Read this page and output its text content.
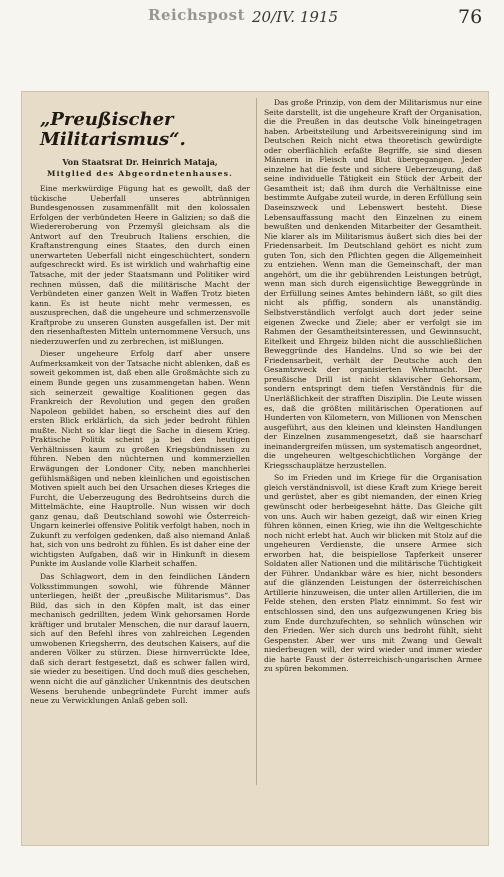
Reichspost 20/IV. 1915	76
„Preußischer Militarismus“.
Von Staatsrat Dr. Heinrich Mataja,
Mitglied des Abgeordnetenhauses.

Eine merkwürdige Fügung hat es gewollt, daß der tückische Ueberfall unseres abtrünnigen Bundesgenossen zusammenfällt mit den kolossalen Erfolgen der verbündeten Heere in Galizien; so daß die Wiedereroberung von Przemyšl gleichsam als die Antwort auf den Treubruch Italiens erschien, die Kraftanstrengung eines Staates, den durch einen unerwarteten Ueberfall nicht eingeschüchtert, sondern aufgeschreckt wird. Es ist wirklich und wahrhaftig eine Tatsache, mit der jeder Staatsmann und Politiker wird rechnen müssen, daß die militärische Macht der Verbündeten einer ganzen Welt in Waffen Trotz bieten kann. Es ist heute nicht mehr vermessen, es auszusprechen, daß die ungeheure und schmerzensvolle Kraftprobe zu unseren Gunsten ausgefallen ist. Der mit den riesenhaftesten Mitteln unternommene Versuch, uns niederzuwerfen und zu zerbrechen, ist mißlungen.

Dieser ungeheure Erfolg darf aber unsere Aufmerksamkeit von der Tatsache nicht ablenken, daß es soweit gekommen ist, daß eben alle Großmächte sich zu einem Bunde gegen uns zusammengetan haben. Wenn sich seinerzeit gewaltige Koalitionen gegen das Frankreich der Revolution und gegen den großen Napoleon gebildet haben, so erscheint dies auf den ersten Blick erklärlich, da sich jeder bedroht fühlen mußte. Nicht so klar liegt die Sache in diesem Krieg. Praktische Politik scheint ja bei den heutigen Verhältnissen kaum zu großen Kriegsbündnissen zu führen. Neben den nüchternen und kommerziellen Erwägungen der Londoner City, neben manchherlei gefühlsmäßigen und neben kleinlichen und egoistischen Motiven spielt auch bei den Ursachen dieses Krieges die Furcht, die Ueberzeugung des Bedrohtseins durch die Mittelmächte, eine Hauptrolle. Nun wissen wir doch ganz genau, daß Deutschland sowohl wie Österreich-Ungarn keinerlei offensive Politik verfolgt haben, noch in Zukunft zu verfolgen gedenken, daß also niemand Anlaß hat, sich von uns bedroht zu fühlen. Es ist daher eine der wichtigsten Aufgaben, daß wir in Hinkunft in diesem Punkte im Auslande volle Klarheit schaffen.

Das Schlagwort, dem in den feindlichen Ländern Volksstimmungen sowohl, wie führende Männer unterliegen, heißt der „preußische Militarismus“. Das Bild, das sich in den Köpfen malt, ist das einer mechanisch gedrillten, jedem Wink gehorsamen Horde kräftiger und brutaler Menschen, die nur darauf lauern, sich auf den Befehl ihres von zahlreichen Legenden umwobenen Kriegsherrn, des deutschen Kaisers, auf die anderen Völker zu stürzen. Diese hirnverrückte Idee, daß sich derart festgesetzt, daß es schwer fallen wird, sie wieder zu beseitigen. Und doch muß dies geschehen, wenn nicht die auf gänzlicher Unkenntnis des deutschen Wesens beruhende unbegründete Furcht immer aufs neue zu Verwicklungen Anlaß geben soll.

Das große Prinzip, von dem der Militarismus nur eine Seite darstellt, ist die ungeheure Kraft der Organisation, die die Preußen in das deutsche Volk hineingetragen haben. Arbeitsteilung und Arbeitsvereinigung sind im Deutschen Reich nicht etwa theoretisch gewürdigte oder oberflächlich erfaßte Begriffe, sie sind diesen Männern in Fleisch und Blut übergegangen. Jeder einzelne hat die feste und sichere Ueberzeugung, daß seine individuelle Tätigkeit ein Stück der Arbeit der Gesamtheit ist; daß ihm durch die Verhältnisse eine bestimmte Aufgabe zuteil wurde, in deren Erfüllung sein Daseinszweck und Lebenswert besteht. Diese Lebensauffassung macht den Einzelnen zu einem bewußten und denkenden Mitarbeiter der Gesamtheit. Nie klarer als im Militarismus äußert sich dies bei der Friedensarbeit. Im Deutschland gehört es nicht zum guten Ton, sich den Pflichten gegen die Allgemeinheit zu entziehen. Wenn man die Gemeinschaft, der man angehört, um die ihr gebührenden Leistungen betrügt, wenn man sich durch eigensüchtige Beweggründe in der Erfüllung seines Amtes behindern läßt, so gilt dies nicht als pfiffig, sondern als unanständig. Selbstverständlich verfolgt auch dort jeder seine eigenen Zwecke und Ziele; aber er verfolgt sie im Rahmen der Gesamtheitsinteressen, und Gewinnsucht, Eitelkeit und Ehrgeiz bilden nicht die ausschließlichen Beweggründe des Handelns. Und so wie bei der Friedensarbeit, verhält der Deutsche auch den Gesamtzweck der organisierten Wehrmacht. Der preußische Drill ist nicht sklavischer Gehorsam, sondern entspringt dem tiefen Verständnis für die Unerläßlichkeit der strafften Disziplin. Die Leute wissen es, daß die größten militärischen Operationen auf Hunderten von Kilometern, von Millionen von Menschen ausgeführt, aus den kleinen und kleinsten Handlungen der Einzelnen zusammengesetzt, daß sie haarscharf ineinandergreifen müssen, um systematisch angeordnet, die ungeheuren weltgeschichtlichen Vorgänge der Kriegsschauplätze herzustellen.

So im Frieden und im Kriege für die Organisation gleich verständnisvoll, ist diese Kraft zum Kriege bereit und gerüstet, aber es gibt niemanden, der einen Krieg gewünscht oder herbeigesehnt hätte. Das Gleiche gilt von uns. Auch wir haben gezeigt, daß wir einen Krieg führen können, einen Krieg, wie ihn die Weltgeschichte noch nicht erlebt hat. Auch wir blicken mit Stolz auf die ungeheuren Verdienste, die unsere Armee sich erworben hat, die beispiellose Tapferkeit unserer Soldaten aller Nationen und die militärische Tüchtigkeit der Führer. Undankbar wäre es hier, nicht besonders auf die glänzenden Leistungen der österreichischen Artillerie hinzuweisen, die unter allen Artillerien, die im Felde stehen, den ersten Platz einnimmt. So fest wir entschlossen sind, den uns aufgezwungenen Krieg bis zum Ende durchzufechten, so sehnlich wünschen wir den Frieden. Wer sich durch uns bedroht fühlt, sieht Gespenster. Aber wer uns mit Zwang und Gewalt niederbeugen will, der wird wieder und immer wieder die harte Faust der österreichisch-ungarischen Armee zu spüren bekommen.
